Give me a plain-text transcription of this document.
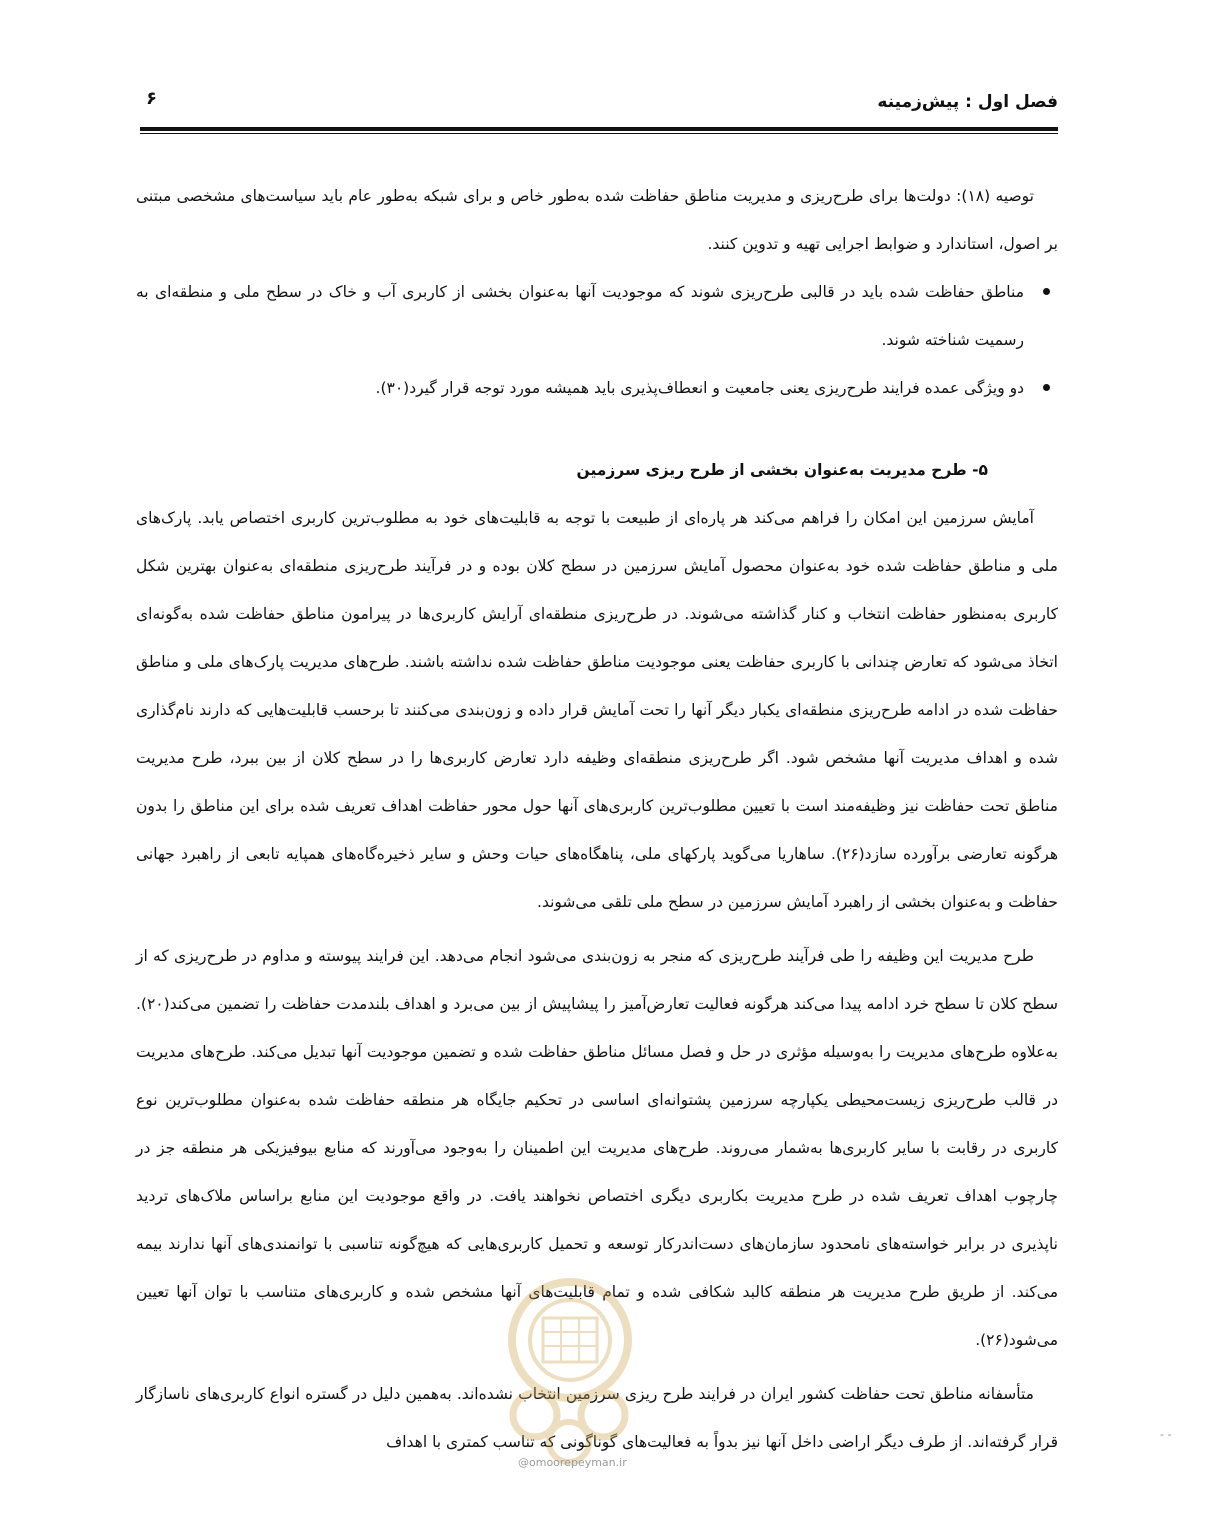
فصل اول : پیش‌زمینه
۶

توصیه (۱۸): دولت‌ها برای طرح‌ریزی و مدیریت مناطق حفاظت شده به‌طور خاص و برای شبکه به‌طور عام باید سیاست‌های مشخصی مبتنی بر اصول، استاندارد و ضوابط اجرایی تهیه و تدوین کنند.

مناطق حفاظت شده باید در قالبی طرح‌ریزی شوند که موجودیت آنها به‌عنوان بخشی از کاربری آب و خاک در سطح ملی و منطقه‌ای به رسمیت شناخته شوند.
دو ویژگی عمده فرایند طرح‌ریزی یعنی جامعیت و انعطاف‌پذیری باید همیشه مورد توجه قرار گیرد(۳۰).

۵- طرح مدیریت به‌عنوان بخشی از طرح ریزی سرزمین

آمایش سرزمین این امکان را فراهم می‌کند هر پاره‌ای از طبیعت با توجه به قابلیت‌های خود به مطلوب‌ترین کاربری اختصاص یابد. پارک‌های ملی و مناطق حفاظت شده خود به‌عنوان محصول آمایش سرزمین در سطح کلان بوده و در فرآیند طرح‌ریزی منطقه‌ای به‌عنوان بهترین شکل کاربری به‌منظور حفاظت انتخاب و کنار گذاشته می‌شوند. در طرح‌ریزی منطقه‌ای آرایش کاربری‌ها در پیرامون مناطق حفاظت شده به‌گونه‌ای اتخاذ می‌شود که تعارض چندانی با کاربری حفاظت یعنی موجودیت مناطق حفاظت شده نداشته باشند. طرح‌های مدیریت پارک‌های ملی و مناطق حفاظت شده در ادامه طرح‌ریزی منطقه‌ای یکبار دیگر آنها را تحت آمایش قرار داده و زون‌بندی می‌کنند تا برحسب قابلیت‌هایی که دارند نام‌گذاری شده و اهداف مدیریت آنها مشخص شود. اگر طرح‌ریزی منطقه‌ای وظیفه دارد تعارض کاربری‌ها را در سطح کلان از بین ببرد، طرح مدیریت مناطق تحت حفاظت نیز وظیفه‌مند است با تعیین مطلوب‌ترین کاربری‌های آنها حول محور حفاظت اهداف تعریف شده برای این مناطق را بدون هرگونه تعارضی برآورده سازد(۲۶). ساهاریا می‌گوید پارکهای ملی، پناهگاه‌های حیات وحش و سایر ذخیره‌گاه‌های همپایه تابعی از راهبرد جهانی حفاظت و به‌عنوان بخشی از راهبرد آمایش سرزمین در سطح ملی تلقی می‌شوند.

طرح مدیریت این وظیفه را طی فرآیند طرح‌ریزی که منجر به زون‌بندی می‌شود انجام می‌دهد. این فرایند پیوسته و مداوم در طرح‌ریزی که از سطح کلان تا سطح خرد ادامه پیدا می‌کند هرگونه فعالیت تعارض‌آمیز را پیشاپیش از بین می‌برد و اهداف بلندمدت حفاظت را تضمین می‌کند(۲۰). به‌علاوه طرح‌های مدیریت را به‌وسیله مؤثری در حل و فصل مسائل مناطق حفاظت شده و تضمین موجودیت آنها تبدیل می‌کند. طرح‌های مدیریت در قالب طرح‌ریزی زیست‌محیطی یکپارچه سرزمین پشتوانه‌ای اساسی در تحکیم جایگاه هر منطقه حفاظت شده به‌عنوان مطلوب‌ترین نوع کاربری در رقابت با سایر کاربری‌ها به‌شمار می‌روند. طرح‌های مدیریت این اطمینان را به‌وجود می‌آورند که منابع بیوفیزیکی هر منطقه جز در چارچوب اهداف تعریف شده در طرح مدیریت بکاربری دیگری اختصاص نخواهند یافت. در واقع موجودیت این منابع براساس ملاک‌های تردید ناپذیری در برابر خواسته‌های نامحدود سازمان‌های دست‌اندرکار توسعه و تحمیل کاربری‌هایی که هیچ‌گونه تناسبی با توانمندی‌های آنها ندارند بیمه می‌کند. از طریق طرح مدیریت هر منطقه کالبد شکافی شده و تمام قابلیت‌های آنها مشخص شده و کاربری‌های متناسب با توان آنها تعیین می‌شود(۲۶).

متأسفانه مناطق تحت حفاظت کشور ایران در فرایند طرح ریزی سرزمین انتخاب نشده‌اند. به‌همین دلیل در گستره انواع کاربری‌های ناسازگار قرار گرفته‌اند. از طرف دیگر اراضی داخل آنها نیز بدواً به فعالیت‌های گوناگونی که تناسب کمتری با اهداف

@omoorepeyman.ir
‐ ‐
